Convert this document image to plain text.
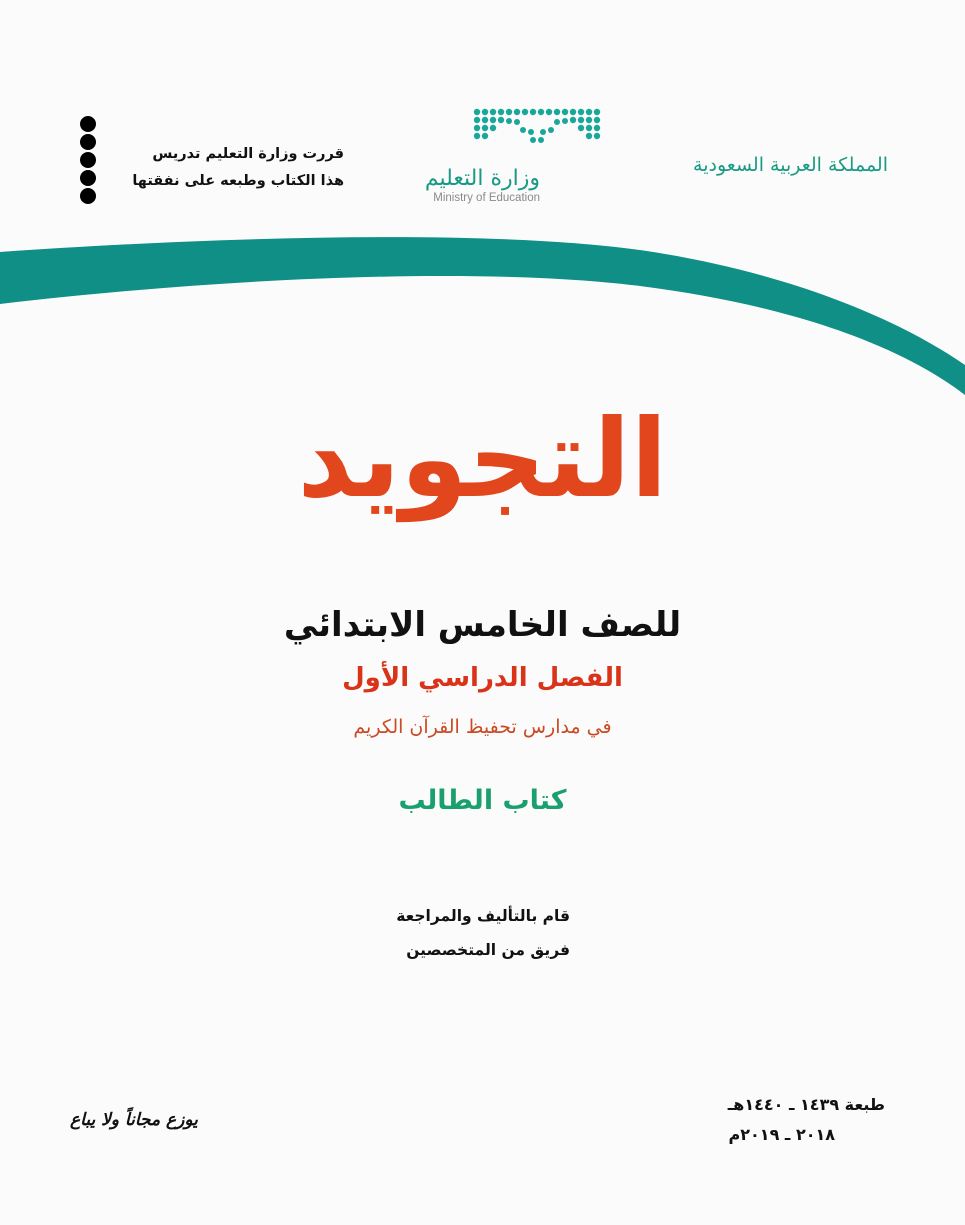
المملكة العربية السعودية
وزارة التعليم
Ministry of Education
قررت وزارة التعليم تدريس
هذا الكتاب وطبعه على نفقتها
التجويد
للصف الخامس الابتدائي
الفصل الدراسي الأول
في مدارس تحفيظ القرآن الكريم
كتاب الطالب
قام بالتأليف والمراجعة
فريق من المتخصصين
طبعة ١٤٣٩ ـ ١٤٤٠هـ
٢٠١٨ ـ ٢٠١٩م
يوزع مجاناً ولا يباع
